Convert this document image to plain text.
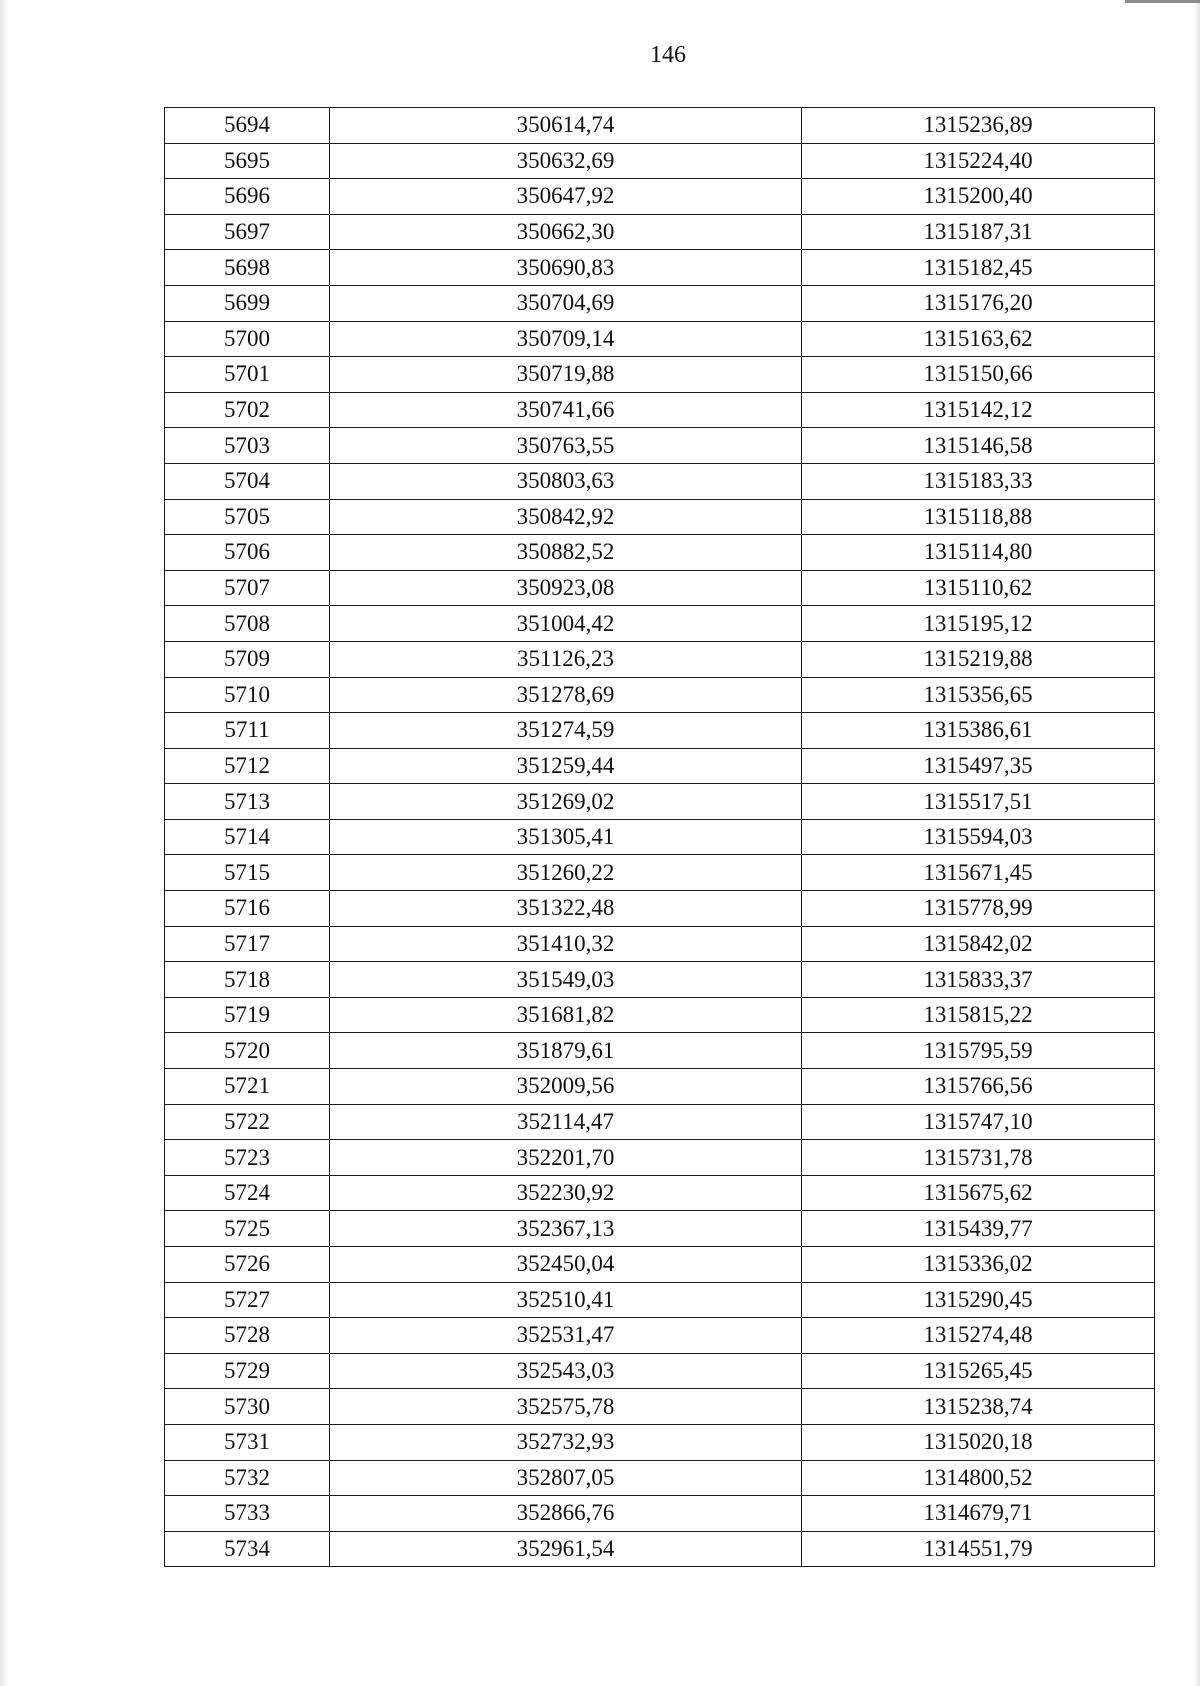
146
5694	350614,74	1315236,89
5695	350632,69	1315224,40
5696	350647,92	1315200,40
5697	350662,30	1315187,31
5698	350690,83	1315182,45
5699	350704,69	1315176,20
5700	350709,14	1315163,62
5701	350719,88	1315150,66
5702	350741,66	1315142,12
5703	350763,55	1315146,58
5704	350803,63	1315183,33
5705	350842,92	1315118,88
5706	350882,52	1315114,80
5707	350923,08	1315110,62
5708	351004,42	1315195,12
5709	351126,23	1315219,88
5710	351278,69	1315356,65
5711	351274,59	1315386,61
5712	351259,44	1315497,35
5713	351269,02	1315517,51
5714	351305,41	1315594,03
5715	351260,22	1315671,45
5716	351322,48	1315778,99
5717	351410,32	1315842,02
5718	351549,03	1315833,37
5719	351681,82	1315815,22
5720	351879,61	1315795,59
5721	352009,56	1315766,56
5722	352114,47	1315747,10
5723	352201,70	1315731,78
5724	352230,92	1315675,62
5725	352367,13	1315439,77
5726	352450,04	1315336,02
5727	352510,41	1315290,45
5728	352531,47	1315274,48
5729	352543,03	1315265,45
5730	352575,78	1315238,74
5731	352732,93	1315020,18
5732	352807,05	1314800,52
5733	352866,76	1314679,71
5734	352961,54	1314551,79
